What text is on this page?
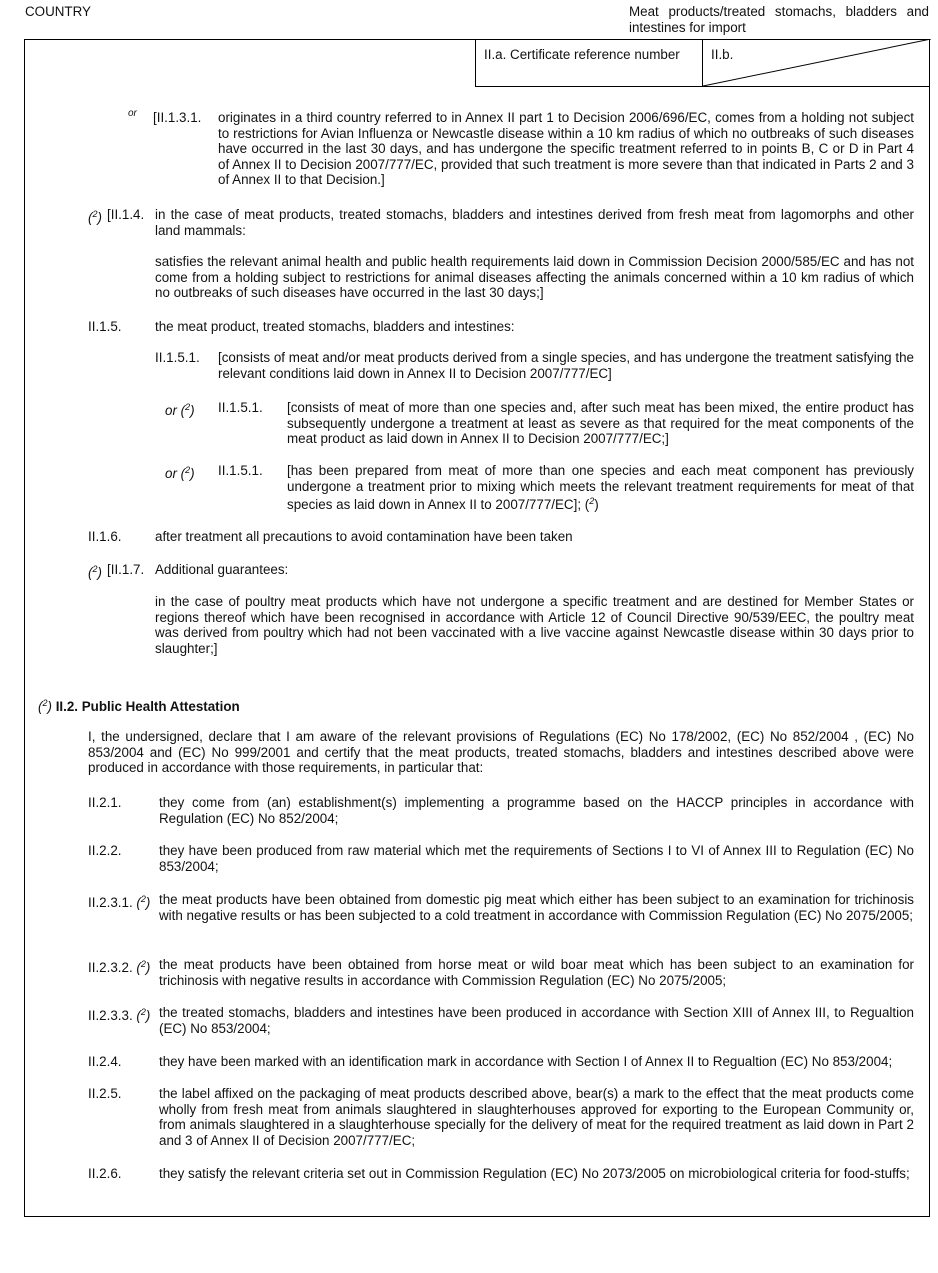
COUNTRY	Meat products/treated stomachs, bladders and intestines for import
II.a. Certificate reference number	II.b.
or [II.1.3.1. originates in a third country referred to in Annex II part 1 to Decision 2006/696/EC, comes from a holding not subject to restrictions for Avian Influenza or Newcastle disease within a 10 km radius of which no outbreaks of such diseases have occurred in the last 30 days, and has undergone the specific treatment referred to in points B, C or D in Part 4 of Annex II to Decision 2007/777/EC, provided that such treatment is more severe than that indicated in Parts 2 and 3 of Annex II to that Decision.]
($^2$) [II.1.4. in the case of meat products, treated stomachs, bladders and intestines derived from fresh meat from lagomorphs and other land mammals:
satisfies the relevant animal health and public health requirements laid down in Commission Decision 2000/585/EC and has not come from a holding subject to restrictions for animal diseases affecting the animals concerned within a 10 km radius of which no outbreaks of such diseases have occurred in the last 30 days;]
II.1.5.	the meat product, treated stomachs, bladders and intestines:
II.1.5.1. [consists of meat and/or meat products derived from a single species, and has undergone the treatment satisfying the relevant conditions laid down in Annex II to Decision 2007/777/EC]
or ($^2$) II.1.5.1. [consists of meat of more than one species and, after such meat has been mixed, the entire product has subsequently undergone a treatment at least as severe as that required for the meat components of the meat product as laid down in Annex II to Decision 2007/777/EC;]
or ($^2$) II.1.5.1. [has been prepared from meat of more than one species and each meat component has previously undergone a treatment prior to mixing which meets the relevant treatment requirements for meat of that species as laid down in Annex II to 2007/777/EC]; ($^2$)
II.1.6.	after treatment all precautions to avoid contamination have been taken
($^2$) [II.1.7. Additional guarantees:
in the case of poultry meat products which have not undergone a specific treatment and are destined for Member States or regions thereof which have been recognised in accordance with Article 12 of Council Directive 90/539/EEC, the poultry meat was derived from poultry which had not been vaccinated with a live vaccine against Newcastle disease within 30 days prior to slaughter;]
($^2$) II.2. Public Health Attestation
I, the undersigned, declare that I am aware of the relevant provisions of Regulations (EC) No 178/2002, (EC) No 852/2004 , (EC) No 853/2004 and (EC) No 999/2001 and certify that the meat products, treated stomachs, bladders and intestines described above were produced in accordance with those requirements, in particular that:
II.2.1.	they come from (an) establishment(s) implementing a programme based on the HACCP principles in accordance with Regulation (EC) No 852/2004;
II.2.2.	they have been produced from raw material which met the requirements of Sections I to VI of Annex III to Regulation (EC) No 853/2004;
II.2.3.1. ($^2$) the meat products have been obtained from domestic pig meat which either has been subject to an examination for trichinosis with negative results or has been subjected to a cold treatment in accordance with Commission Regulation (EC) No 2075/2005;
II.2.3.2. ($^2$) the meat products have been obtained from horse meat or wild boar meat which has been subject to an examination for trichinosis with negative results in accordance with Commission Regulation (EC) No 2075/2005;
II.2.3.3. ($^2$) the treated stomachs, bladders and intestines have been produced in accordance with Section XIII of Annex III, to Regualtion (EC) No 853/2004;
II.2.4.	they have been marked with an identification mark in accordance with Section I of Annex II to Regualtion (EC) No 853/2004;
II.2.5.	the label affixed on the packaging of meat products described above, bear(s) a mark to the effect that the meat products come wholly from fresh meat from animals slaughtered in slaughterhouses approved for exporting to the European Community or, from animals slaughtered in a slaughterhouse specially for the delivery of meat for the required treatment as laid down in Part 2 and 3 of Annex II of Decision 2007/777/EC;
II.2.6.	they satisfy the relevant criteria set out in Commission Regulation (EC) No 2073/2005 on microbiological criteria for food-stuffs;
